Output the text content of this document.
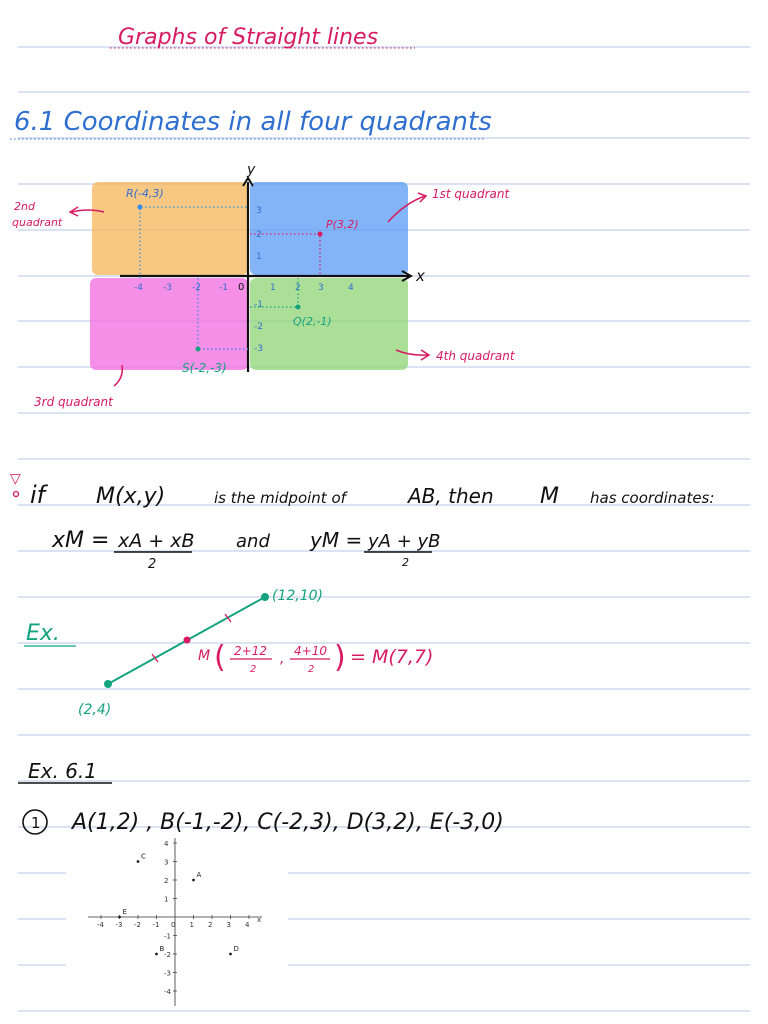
Graphs of Straight lines
6.1 Coordinates in all four quadrants
x
y
0
-4 -3 -2 -1	1 2 3	4
3
2
1
-1
-2
-3
R(-4,3)
P(3,2)
Q(2,-1)
S(-2,-3)
1st quadrant
2nd
quadrant
3rd quadrant
4th quadrant
▽
if M(x,y)	is the midpoint of	AB, then M has coordinates:
xM = xA + xB
2
and yM = yA + yB
2
Ex.
(2,4)
(12,10)
M ( 2+12
2
, 4+10
2 ) = M(7,7)
Ex. 6.1
1 A(1,2) , B(-1,-2), C(-2,3), D(3,2), E(-3,0)
x
-4 -3 -2 -1 0 1 2 3 4
4
3
2
1
-1
-2
-3
-4
A
B
C
D
E
